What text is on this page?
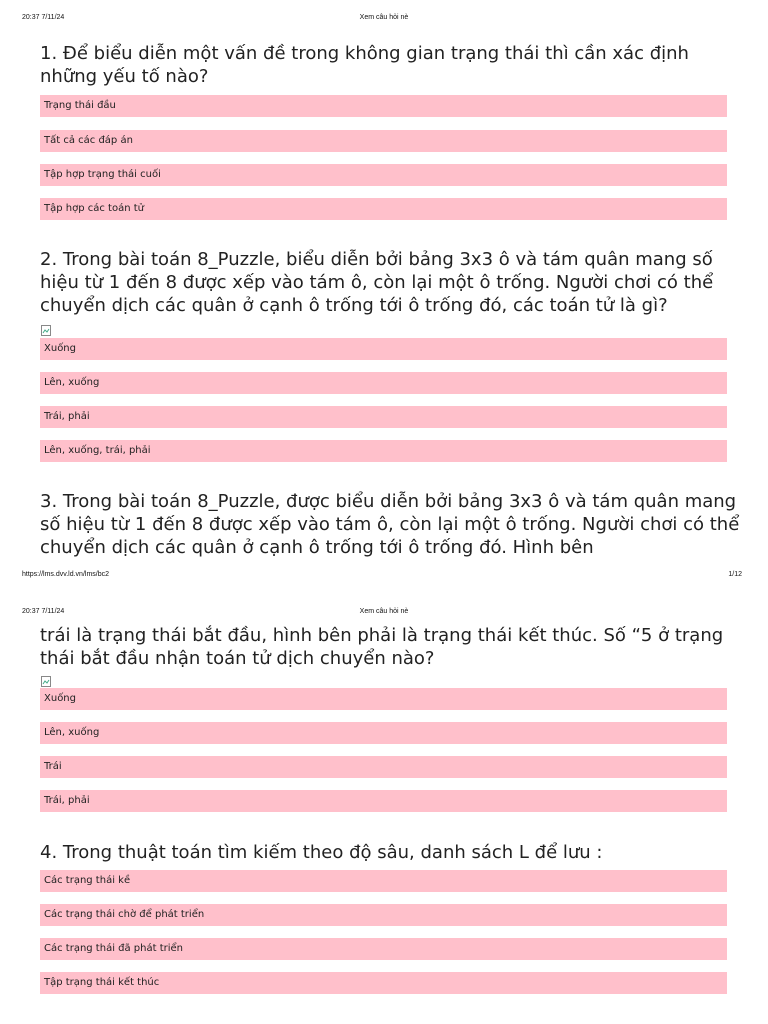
20:37 7/11/24	Xem câu hỏi nè
1. Để biểu diễn một vấn đề trong không gian trạng thái thì cần xác định những yếu tố nào?
Trạng thái đầu
Tất cả các đáp án
Tập hợp trạng thái cuối
Tập hợp các toán tử
2. Trong bài toán 8_Puzzle, biểu diễn bởi bảng 3x3 ô và tám quân mang số hiệu từ 1 đến 8 được xếp vào tám ô, còn lại một ô trống. Người chơi có thể chuyển dịch các quân ở cạnh ô trống tới ô trống đó, các toán tử là gì?
Xuống
Lên, xuống
Trái, phải
Lên, xuống, trái, phải
3. Trong bài toán 8_Puzzle, được biểu diễn bởi bảng 3x3 ô và tám quân mang số hiệu từ 1 đến 8 được xếp vào tám ô, còn lại một ô trống. Người chơi có thể chuyển dịch các quân ở cạnh ô trống tới ô trống đó. Hình bên
https://lms.dvv.ld.vn/lms/bc2	1/12
20:37 7/11/24	Xem câu hỏi nè
trái là trạng thái bắt đầu, hình bên phải là trạng thái kết thúc. Số “5 ở trạng thái bắt đầu nhận toán tử dịch chuyển nào?
Xuống
Lên, xuống
Trái
Trái, phải
4. Trong thuật toán tìm kiếm theo độ sâu, danh sách L để lưu :
Các trạng thái kề
Các trạng thái chờ để phát triển
Các trạng thái đã phát triển
Tập trạng thái kết thúc
